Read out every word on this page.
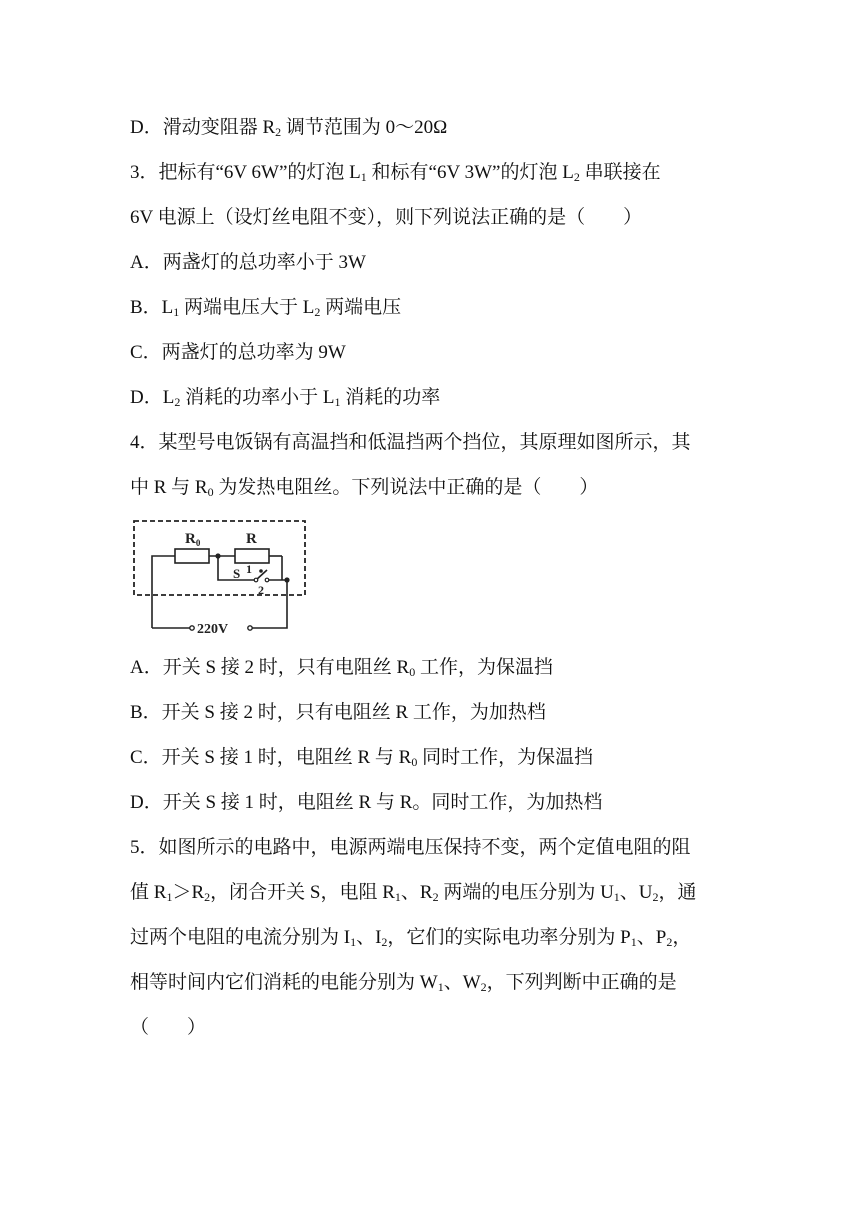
D．滑动变阻器 $R_2$ 调节范围为 0～20Ω
3．把标有“6V 6W”的灯泡 $L_1$ 和标有“6V 3W”的灯泡 $L_2$ 串联接在
6V 电源上（设灯丝电阻不变），则下列说法正确的是（　　）
A．两盏灯的总功率小于 3W
B．$L_1$ 两端电压大于 $L_2$ 两端电压
C．两盏灯的总功率为 9W
D．$L_2$ 消耗的功率小于 $L_1$ 消耗的功率
4．某型号电饭锅有高温挡和低温挡两个挡位，其原理如图所示，其
中 R 与 $R_0$ 为发热电阻丝。下列说法中正确的是（　　）
$R_0$	R
S 1
2
220V
A．开关 S 接 2 时，只有电阻丝 $R_0$ 工作，为保温挡
B．开关 S 接 2 时，只有电阻丝 R 工作，为加热档
C．开关 S 接 1 时，电阻丝 R 与 $R_0$ 同时工作，为保温挡
D．开关 S 接 1 时，电阻丝 R 与 R。同时工作，为加热档
5．如图所示的电路中，电源两端电压保持不变，两个定值电阻的阻
值 $R_1>R_2$，闭合开关 S，电阻 $R_1$、$R_2$ 两端的电压分别为 $U_1$、$U_2$，通
过两个电阻的电流分别为 $I_1$、$I_2$，它们的实际电功率分别为 $P_1$、$P_2$，
相等时间内它们消耗的电能分别为 $W_1$、$W_2$，下列判断中正确的是
（　　）
